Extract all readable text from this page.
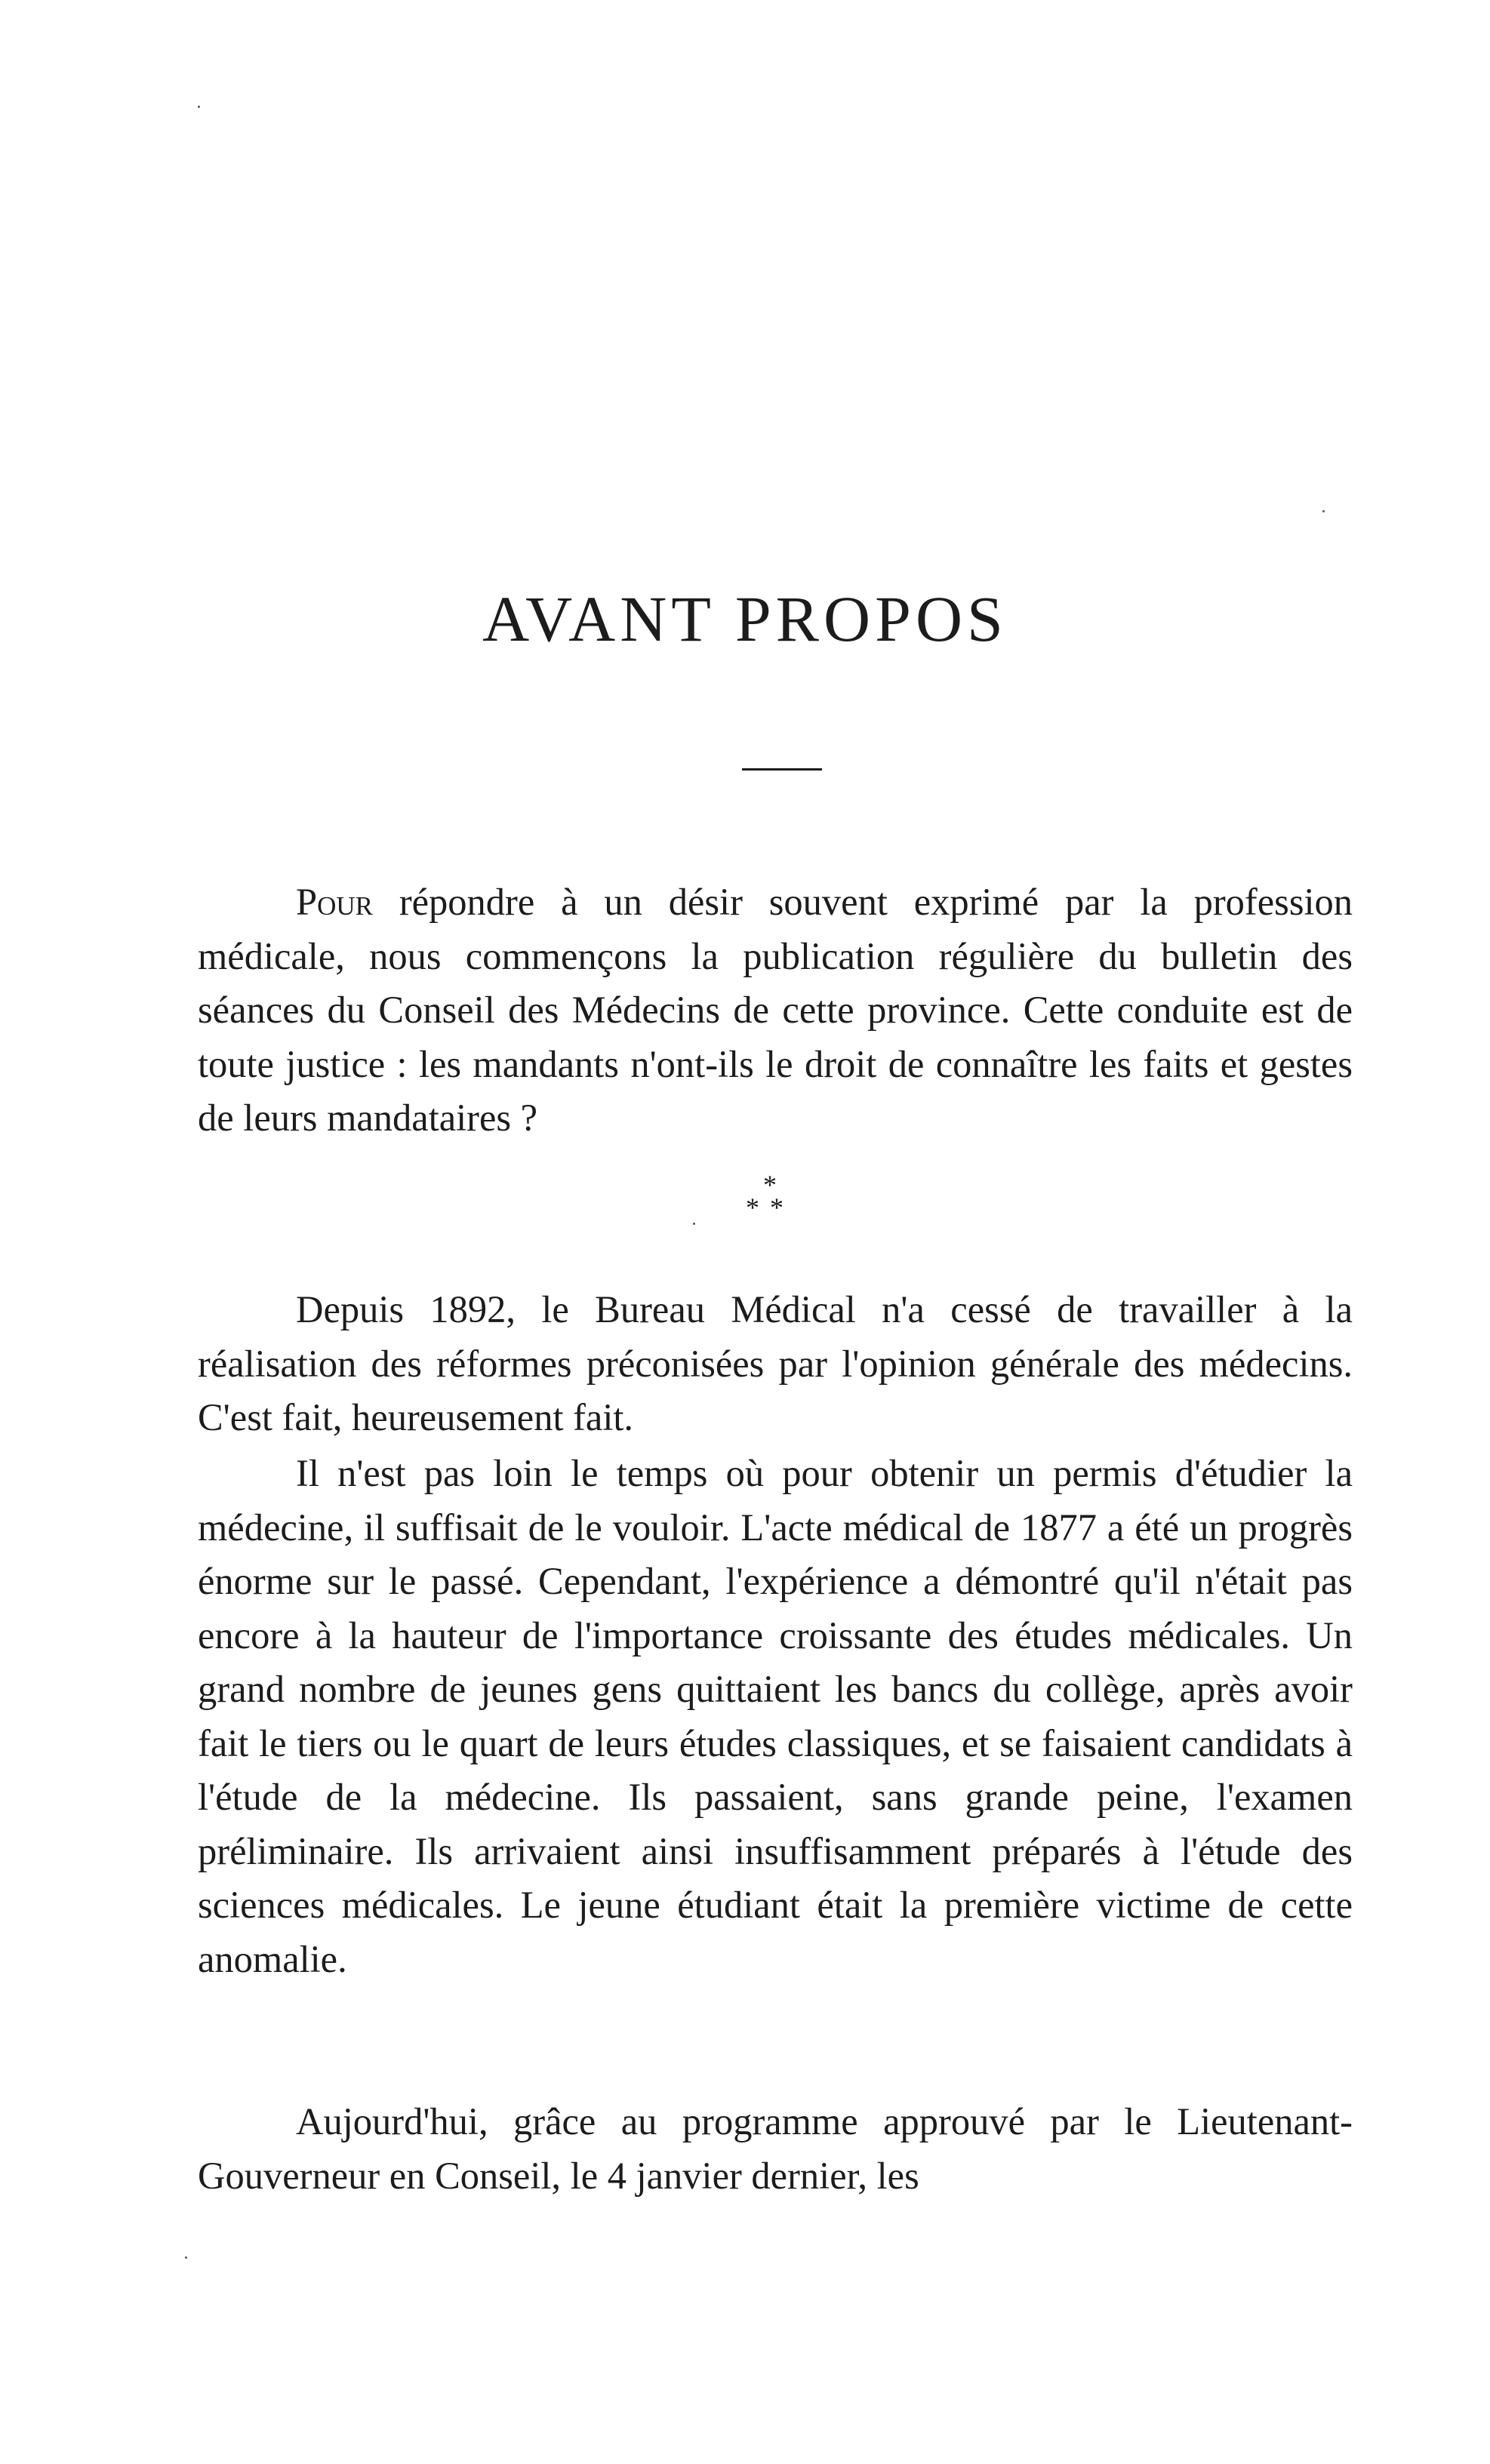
AVANT PROPOS

Pour répondre à un désir souvent exprimé par la profession médicale, nous commençons la publication régulière du bulletin des séances du Conseil des Médecins de cette province. Cette conduite est de toute justice : les mandants n'ont-ils le droit de connaître les faits et gestes de leurs mandataires ?

*
**

Depuis 1892, le Bureau Médical n'a cessé de travailler à la réalisation des réformes préconisées par l'opinion générale des médecins. C'est fait, heureusement fait.

Il n'est pas loin le temps où pour obtenir un permis d'étudier la médecine, il suffisait de le vouloir. L'acte médical de 1877 a été un progrès énorme sur le passé. Cependant, l'expérience a démontré qu'il n'était pas encore à la hauteur de l'importance croissante des études médicales. Un grand nombre de jeunes gens quittaient les bancs du collège, après avoir fait le tiers ou le quart de leurs études classiques, et se faisaient candidats à l'étude de la médecine. Ils passaient, sans grande peine, l'examen préliminaire. Ils arrivaient ainsi insuffisamment préparés à l'étude des sciences médicales. Le jeune étudiant était la première victime de cette anomalie.

Aujourd'hui, grâce au programme approuvé par le Lieutenant-Gouverneur en Conseil, le 4 janvier dernier, les
